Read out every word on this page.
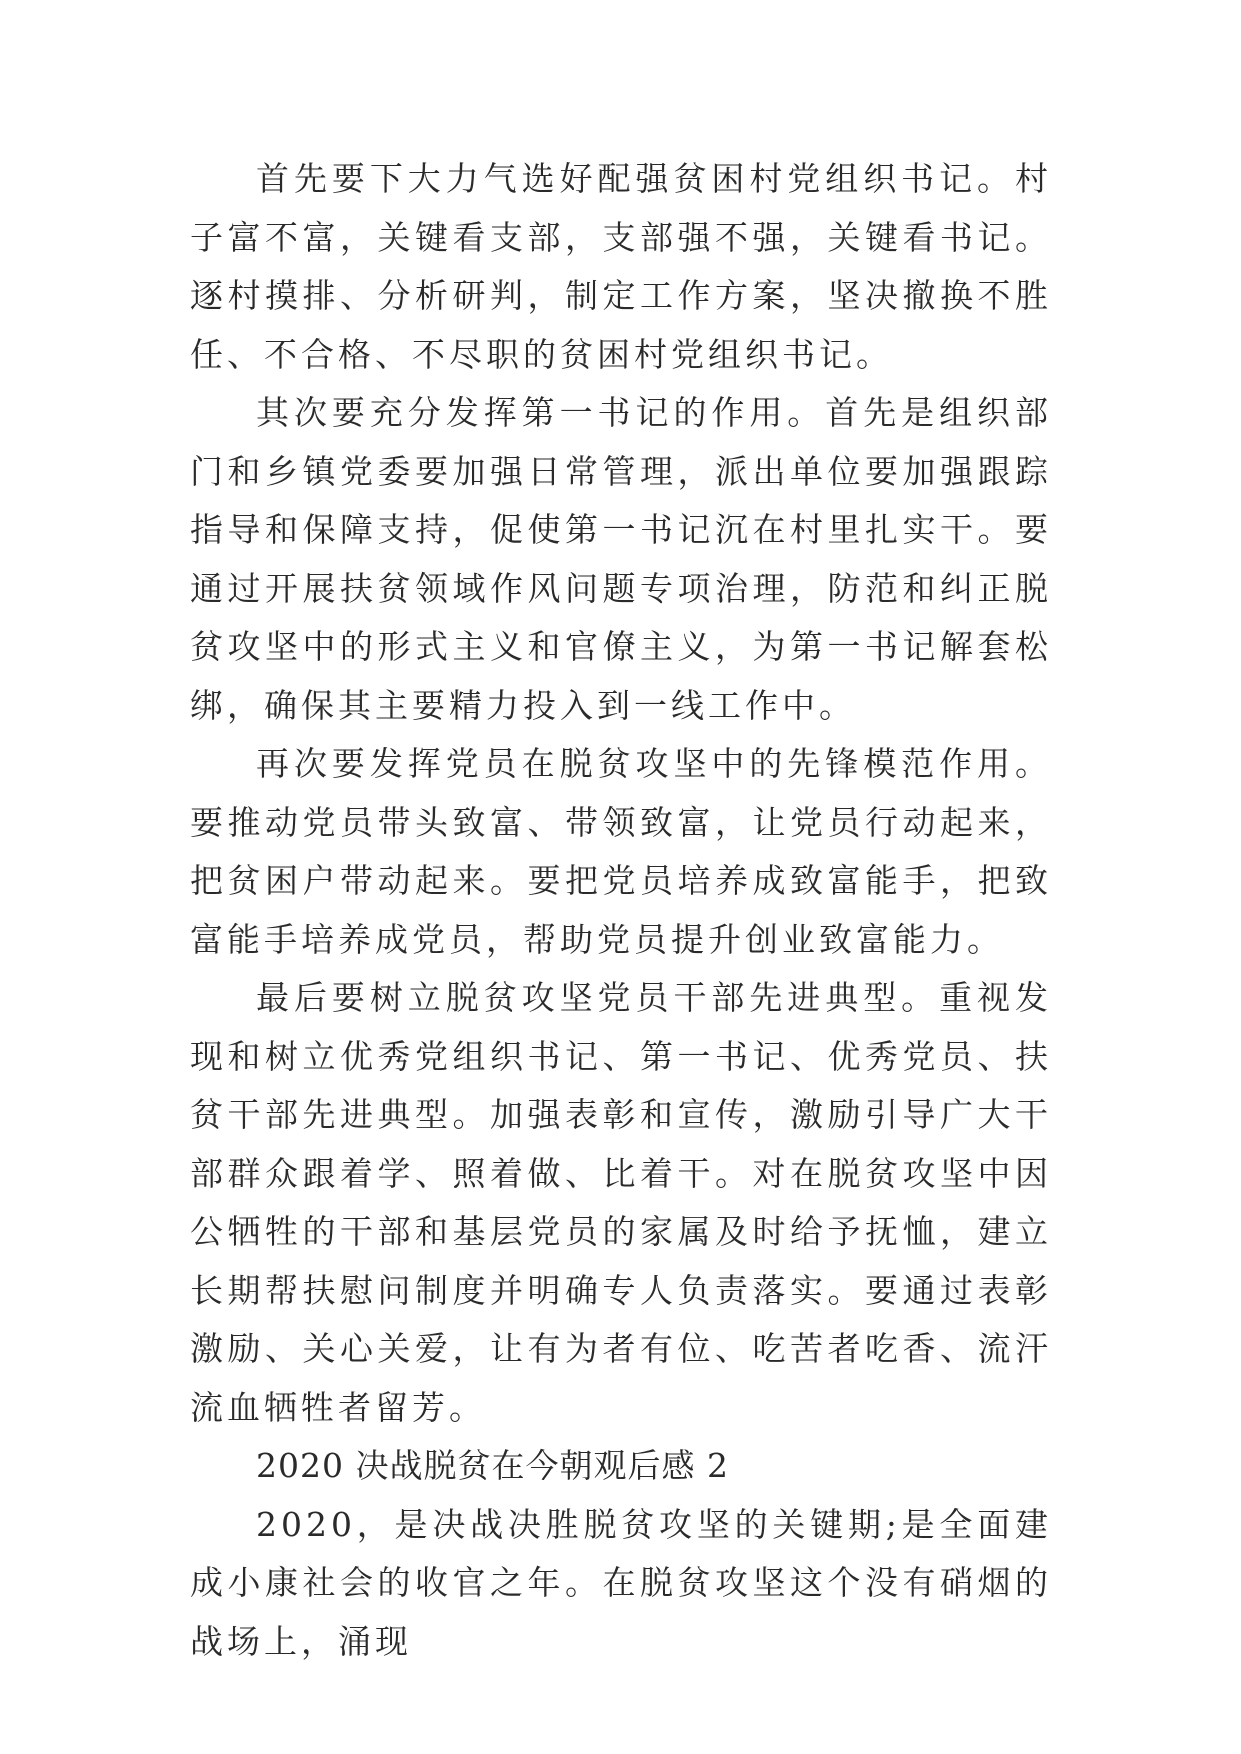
首先要下大力气选好配强贫困村党组织书记。村子富不富，关键看支部，支部强不强，关键看书记。逐村摸排、分析研判，制定工作方案，坚决撤换不胜任、不合格、不尽职的贫困村党组织书记。

其次要充分发挥第一书记的作用。首先是组织部门和乡镇党委要加强日常管理，派出单位要加强跟踪指导和保障支持，促使第一书记沉在村里扎实干。要通过开展扶贫领域作风问题专项治理，防范和纠正脱贫攻坚中的形式主义和官僚主义，为第一书记解套松绑，确保其主要精力投入到一线工作中。

再次要发挥党员在脱贫攻坚中的先锋模范作用。要推动党员带头致富、带领致富，让党员行动起来，把贫困户带动起来。要把党员培养成致富能手，把致富能手培养成党员，帮助党员提升创业致富能力。

最后要树立脱贫攻坚党员干部先进典型。重视发现和树立优秀党组织书记、第一书记、优秀党员、扶贫干部先进典型。加强表彰和宣传，激励引导广大干部群众跟着学、照着做、比着干。对在脱贫攻坚中因公牺牲的干部和基层党员的家属及时给予抚恤，建立长期帮扶慰问制度并明确专人负责落实。要通过表彰激励、关心关爱，让有为者有位、吃苦者吃香、流汗流血牺牲者留芳。

2020 决战脱贫在今朝观后感 2

2020，是决战决胜脱贫攻坚的关键期;是全面建成小康社会的收官之年。在脱贫攻坚这个没有硝烟的战场上，涌现
